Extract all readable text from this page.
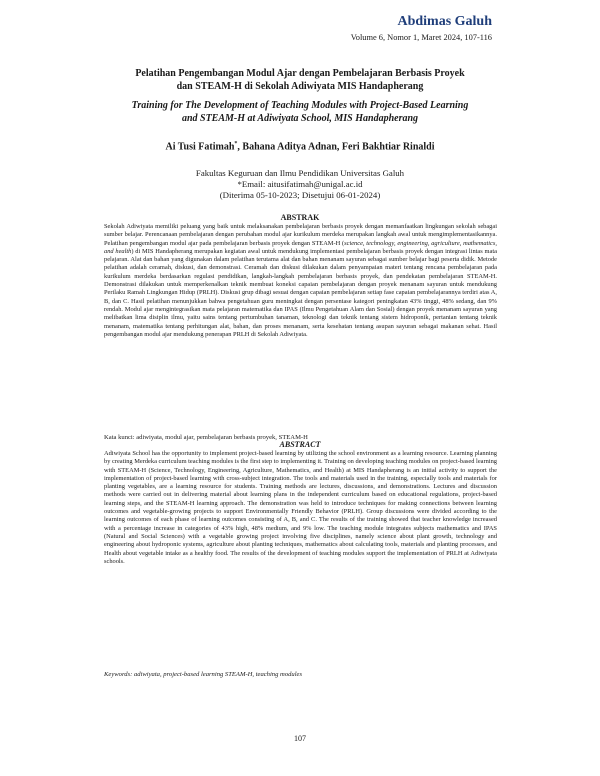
Abdimas Galuh
Volume 6, Nomor 1, Maret 2024, 107-116
Pelatihan Pengembangan Modul Ajar dengan Pembelajaran Berbasis Proyek
dan STEAM-H di Sekolah Adiwiyata MIS Handapherang
Training for The Development of Teaching Modules with Project-Based Learning
and STEAM-H at Adiwiyata School, MIS Handapherang
Ai Tusi Fatimah*, Bahana Aditya Adnan, Feri Bakhtiar Rinaldi
Fakultas Keguruan dan Ilmu Pendidikan Universitas Galuh
*Email: aitusifatimah@unigal.ac.id
(Diterima 05-10-2023; Disetujui 06-01-2024)
ABSTRAK

Sekolah Adiwiyata memiliki peluang yang baik untuk melaksanakan pembelajaran berbasis proyek dengan memanfaatkan lingkungan sekolah sebagai sumber belajar. Perencanaan pembelajaran dengan perubahan modul ajar kurikulum merdeka merupakan langkah awal untuk mengimplementasikannya. Pelatihan pengembangan modul ajar pada pembelajaran berbasis proyek dengan STEAM-H (science, technology, engineering, agriculture, mathematics, and health) di MIS Handapherang merupakan kegiatan awal untuk mendukung implementasi pembelajaran berbasis proyek dengan integrasi lintas mata pelajaran. Alat dan bahan yang digunakan dalam pelatihan terutama alat dan bahan menanam sayuran sebagai sumber belajar bagi peserta didik. Metode pelatihan adalah ceramah, diskusi, dan demonstrasi. Ceramah dan diskusi dilakukan dalam penyampaian materi tentang rencana pembelajaran pada kurikulum merdeka berdasarkan regulasi pendidikan, langkah-langkah pembelajaran berbasis proyek, dan pendekatan pembelajaran STEAM-H. Demonstrasi dilakukan untuk memperkenalkan teknik membuat koneksi capaian pembelajaran dengan proyek menanam sayuran untuk mendukung Perilaku Ramah Lingkungan Hidup (PRLH). Diskusi grup dibagi sesuai dengan capaian pembelajaran setiap fase capaian pembelajarannya terdiri atas A, B, dan C. Hasil pelatihan menunjukkan bahwa pengetahuan guru meningkat dengan persentase kategori peningkatan 43% tinggi, 48% sedang, dan 9% rendah. Modul ajar mengintegrasikan mata pelajaran matematika dan IPAS (Ilmu Pengetahuan Alam dan Sosial) dengan proyek menanam sayuran yang melibatkan lima disiplin ilmu, yaitu sains tentang pertumbuhan tanaman, teknologi dan teknik tentang sistem hidroponik, pertanian tentang teknik menanam, matematika tentang perhitungan alat, bahan, dan proses menanam, serta kesehatan tentang asupan sayuran sebagai makanan sehat. Hasil pengembangan modul ajar mendukung penerapan PRLH di Sekolah Adiwiyata.

Kata kunci: adiwiyata, modul ajar, pembelajaran berbasis proyek, STEAM-H
ABSTRACT

Adiwiyata School has the opportunity to implement project-based learning by utilizing the school environment as a learning resource. Learning planning by creating Merdeka curriculum teaching modules is the first step to implementing it. Training on developing teaching modules on project-based learning with STEAM-H (Science, Technology, Engineering, Agriculture, Mathematics, and Health) at MIS Handapherang is an initial activity to support the implementation of project-based learning with cross-subject integration. The tools and materials used in the training, especially tools and materials for planting vegetables, are a learning resource for students. Training methods are lectures, discussions, and demonstrations. Lectures and discussion methods were carried out in delivering material about learning plans in the independent curriculum based on educational regulations, project-based learning steps, and the STEAM-H learning approach. The demonstration was held to introduce techniques for making connections between learning outcomes and vegetable-growing projects to support Environmentally Friendly Behavior (PRLH). Group discussions were divided according to the learning outcomes of each phase of learning outcomes consisting of A, B, and C. The results of the training showed that teacher knowledge increased with a percentage increase in categories of 43% high, 48% medium, and 9% low. The teaching module integrates subjects mathematics and IPAS (Natural and Social Sciences) with a vegetable growing project involving five disciplines, namely science about plant growth, technology and engineering about hydroponic systems, agriculture about planting techniques, mathematics about calculating tools, materials and planting processes, and Health about vegetable intake as a healthy food. The results of the development of teaching modules support the implementation of PRLH at Adiwiyata schools.

Keywords: adiwiyata, project-based learning STEAM-H, teaching modules
107
